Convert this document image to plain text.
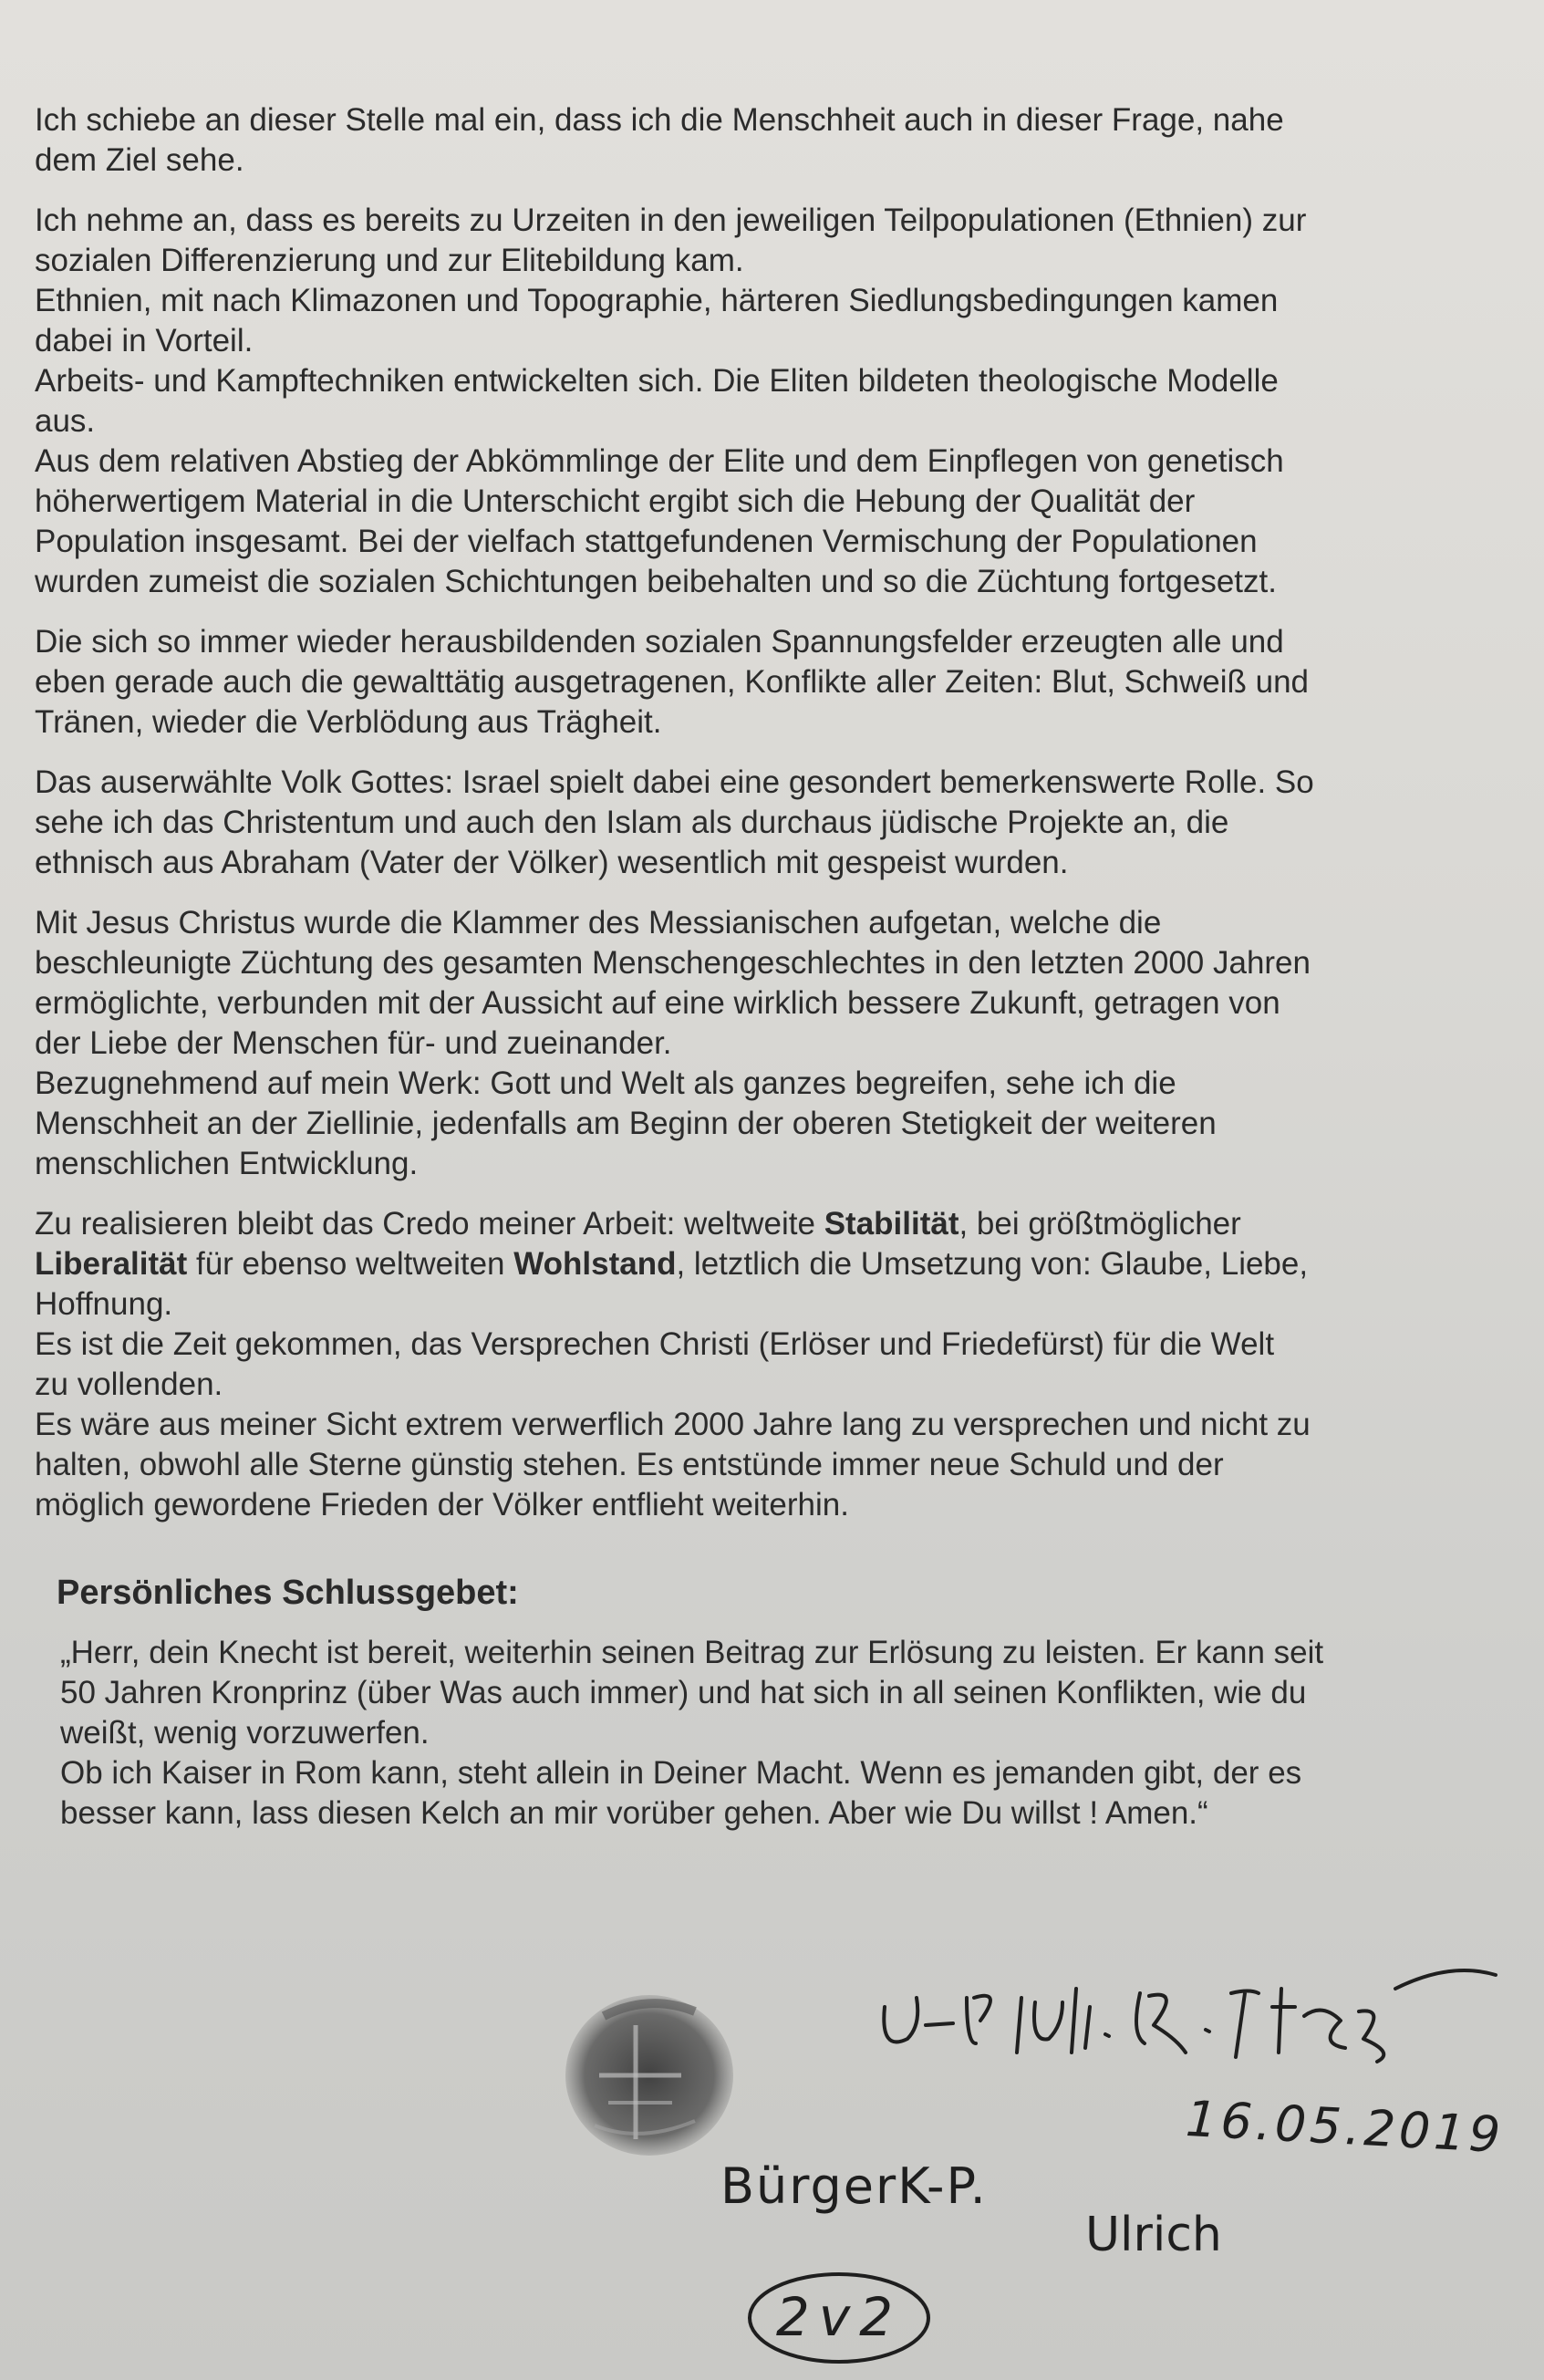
Ich schiebe an dieser Stelle mal ein, dass ich die Menschheit auch in dieser Frage, nahe
dem Ziel sehe.

Ich nehme an, dass es bereits zu Urzeiten in den jeweiligen Teilpopulationen (Ethnien) zur
sozialen Differenzierung und zur Elitebildung kam.
Ethnien, mit nach Klimazonen und Topographie, härteren Siedlungsbedingungen kamen
dabei in Vorteil.
Arbeits- und Kampftechniken entwickelten sich. Die Eliten bildeten theologische Modelle
aus.
Aus dem relativen Abstieg der Abkömmlinge der Elite und dem Einpflegen von genetisch
höherwertigem Material in die Unterschicht ergibt sich die Hebung der Qualität der
Population insgesamt. Bei der vielfach stattgefundenen Vermischung der Populationen
wurden zumeist die sozialen Schichtungen beibehalten und so die Züchtung fortgesetzt.

Die sich so immer wieder herausbildenden sozialen Spannungsfelder erzeugten alle und
eben gerade auch die gewalttätig ausgetragenen, Konflikte aller Zeiten: Blut, Schweiß und
Tränen, wieder die Verblödung aus Trägheit.

Das auserwählte Volk Gottes: Israel spielt dabei eine gesondert bemerkenswerte Rolle. So
sehe ich das Christentum und auch den Islam als durchaus jüdische Projekte an, die
ethnisch aus Abraham (Vater der Völker) wesentlich mit gespeist wurden.

Mit Jesus Christus wurde die Klammer des Messianischen aufgetan, welche die
beschleunigte Züchtung des gesamten Menschengeschlechtes in den letzten 2000 Jahren
ermöglichte, verbunden mit der Aussicht auf eine wirklich bessere Zukunft, getragen von
der Liebe der Menschen für- und zueinander.
Bezugnehmend auf mein Werk: Gott und Welt als ganzes begreifen, sehe ich die
Menschheit an der Ziellinie, jedenfalls am Beginn der oberen Stetigkeit der weiteren
menschlichen Entwicklung.

Zu realisieren bleibt das Credo meiner Arbeit: weltweite Stabilität, bei größtmöglicher
Liberalität für ebenso weltweiten Wohlstand, letztlich die Umsetzung von: Glaube, Liebe,
Hoffnung.
Es ist die Zeit gekommen, das Versprechen Christi (Erlöser und Friedefürst) für die Welt
zu vollenden.
Es wäre aus meiner Sicht extrem verwerflich 2000 Jahre lang zu versprechen und nicht zu
halten, obwohl alle Sterne günstig stehen. Es entstünde immer neue Schuld und der
möglich gewordene Frieden der Völker entflieht weiterhin.

Persönliches Schlussgebet:
„Herr, dein Knecht ist bereit, weiterhin seinen Beitrag zur Erlösung zu leisten. Er kann seit
50 Jahren Kronprinz (über Was auch immer) und hat sich in all seinen Konflikten, wie du
weißt, wenig vorzuwerfen.
Ob ich Kaiser in Rom kann, steht allein in Deiner Macht. Wenn es jemanden gibt, der es
besser kann, lass diesen Kelch an mir vorüber gehen. Aber wie Du willst ! Amen.“
16.05.2019
BürgerK-P.
Ulrich
2v2
